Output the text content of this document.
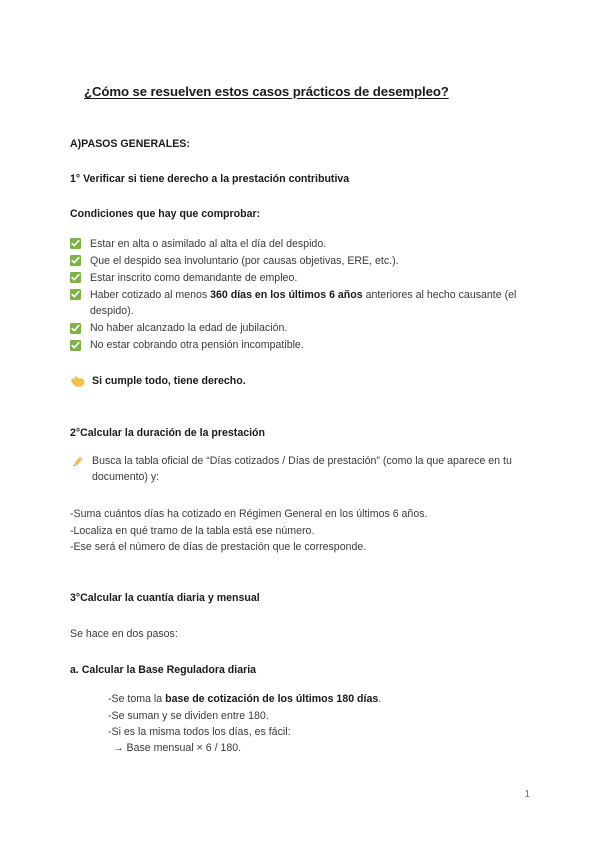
¿Cómo se resuelven estos casos prácticos de desempleo?
A)PASOS GENERALES:
1° Verificar si tiene derecho a la prestación contributiva
Condiciones que hay que comprobar:
Estar en alta o asimilado al alta el día del despido.
Que el despido sea involuntario (por causas objetivas, ERE, etc.).
Estar inscrito como demandante de empleo.
Haber cotizado al menos 360 días en los últimos 6 años anteriores al hecho causante (el despido).
No haber alcanzado la edad de jubilación.
No estar cobrando otra pensión incompatible.
Si cumple todo, tiene derecho.
2°Calcular la duración de la prestación
Busca la tabla oficial de “Días cotizados / Días de prestación” (como la que aparece en tu documento) y:
-Suma cuántos días ha cotizado en Régimen General en los últimos 6 años.
-Localiza en qué tramo de la tabla está ese número.
-Ese será el número de días de prestación que le corresponde.
3°Calcular la cuantía diaria y mensual
Se hace en dos pasos:
a. Calcular la Base Reguladora diaria
-Se toma la base de cotización de los últimos 180 días.
-Se suman y se dividen entre 180.
-Si es la misma todos los días, es fácil:
→ Base mensual × 6 / 180.
1
